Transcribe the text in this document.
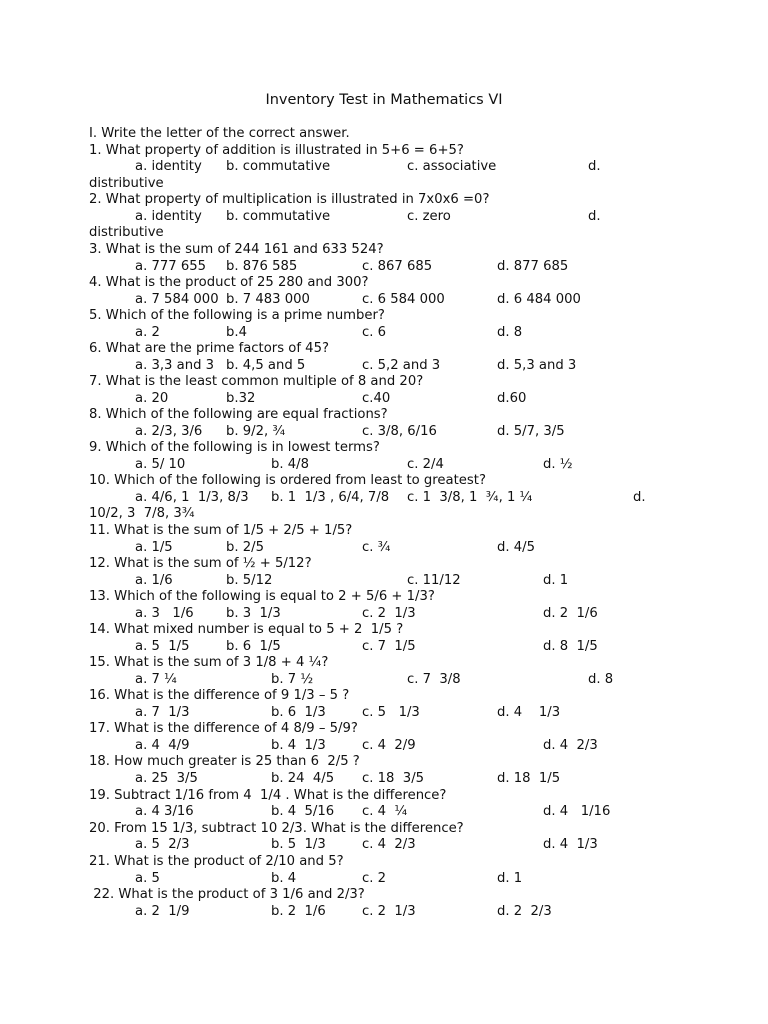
Inventory Test in Mathematics VI

I. Write the letter of the correct answer.

1. What property of addition is illustrated in 5+6 = 6+5?

a. identity

b. commutative

	c. associative

	d.

distributive
2. What property of multiplication is illustrated in 7x0x6 =0?

a. identity

b. commutative

	c. zero

	d.

distributive
3. What is the sum of 244 161 and 633 524?

a. 777 655

b. 876 585

	c. 867 685

	d. 877 685

4. What is the product of 25 280 and 300?

a. 7 584 000

b. 7 483 000

	c. 6 584 000

	d. 6 484 000

5. Which of the following is a prime number?

a. 2

	b.4

	c. 6

	d. 8

6. What are the prime factors of 45?

a. 3,3 and 3

b. 4,5 and 5

	c. 5,2 and 3

	d. 5,3 and 3

7. What is the least common multiple of 8 and 20?

a. 20

	b.32

	c.40

	d.60

8. Which of the following are equal fractions?

a. 2/3, 3/6

b. 9/2, ¾

	c. 3/8, 6/16

	d. 5/7, 3/5

9. Which of the following is in lowest terms?

a. 5/ 10

	b. 4/8

	c. 2/4

	d. ½

10. Which of the following is ordered from least to greatest?

a. 4/6, 1  1/3, 8/3

b. 1  1/3 , 6/4, 7/8

c. 1  3/8, 1  ¾, 1 ¼

	d.

10/2, 3  7/8, 3¾
11. What is the sum of 1/5 + 2/5 + 1/5?

a. 1/5

	b. 2/5

	c. ¾

	d. 4/5

12. What is the sum of ½ + 5/12?

a. 1/6

	b. 5/12

	c. 11/12

	d. 1

13. Which of the following is equal to 2 + 5/6 + 1/3?

a. 3   1/6

b. 3  1/3

	c. 2  1/3

	d. 2  1/6

14. What mixed number is equal to 5 + 2  1/5 ?

a. 5  1/5

	b. 6  1/5

	c. 7  1/5

	d. 8  1/5

15. What is the sum of 3 1/8 + 4 ¼?

a. 7 ¼

	b. 7 ½

	c. 7  3/8

	d. 8

16. What is the difference of 9 1/3 – 5 ?

a. 7  1/3

	b. 6  1/3

	c. 5   1/3

	d. 4    1/3

17. What is the difference of 4 8/9 – 5/9?

a. 4  4/9

	b. 4  1/3

	c. 4  2/9

	d. 4  2/3

18. How much greater is 25 than 6  2/5 ?

a. 25  3/5

	b. 24  4/5

c. 18  3/5

	d. 18  1/5

19. Subtract 1/16 from 4  1/4 . What is the difference?

a. 4 3/16

	b. 4  5/16

c. 4  ¼

	d. 4   1/16

20. From 15 1/3, subtract 10 2/3. What is the difference?

a. 5  2/3

	b. 5  1/3

	c. 4  2/3

	d. 4  1/3

21. What is the product of 2/10 and 5?

a. 5

	b. 4

	c. 2

	d. 1

22. What is the product of 3 1/6 and 2/3?

a. 2  1/9

	b. 2  1/6

	c. 2  1/3

	d. 2  2/3
